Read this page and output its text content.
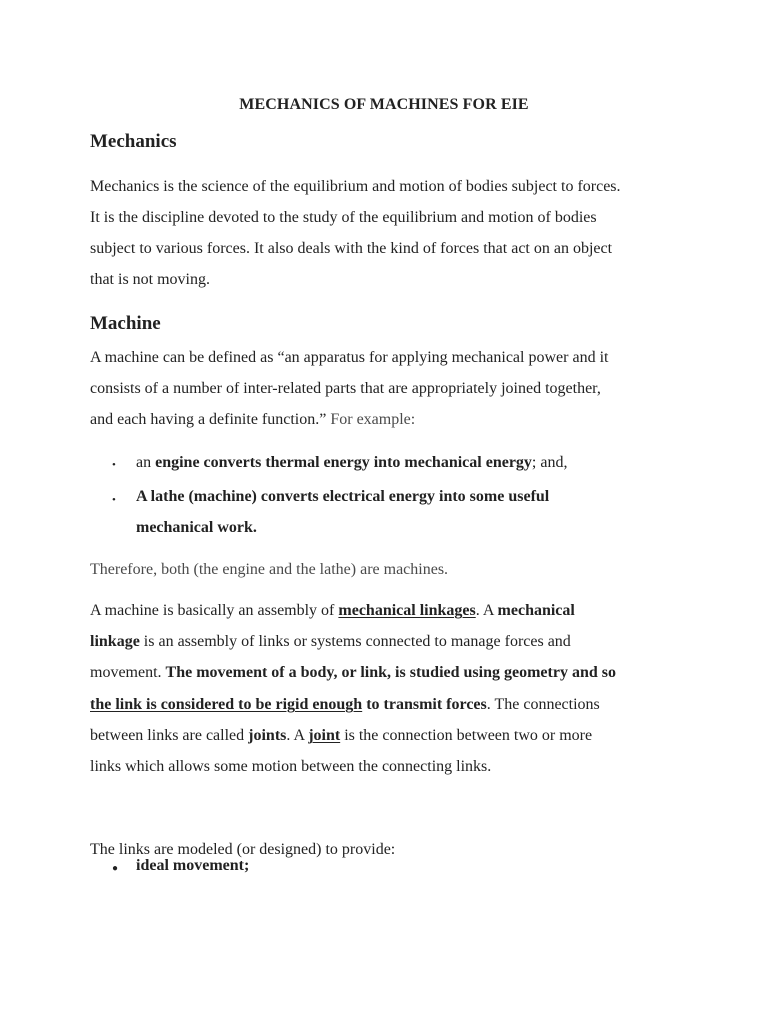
MECHANICS OF MACHINES FOR EIE
Mechanics
Mechanics is the science of the equilibrium and motion of bodies subject to forces.
It is the discipline devoted to the study of the equilibrium and motion of bodies
subject to various forces. It also deals with the kind of forces that act on an object
that is not moving.
Machine
A machine can be defined as “an apparatus for applying mechanical power and it
consists of a number of inter-related parts that are appropriately joined together,
and each having a definite function.” For example:
• an engine converts thermal energy into mechanical energy; and,
• A lathe (machine) converts electrical energy into some useful
mechanical work.
Therefore, both (the engine and the lathe) are machines.
A machine is basically an assembly of mechanical linkages. A mechanical
linkage is an assembly of links or systems connected to manage forces and
movement. The movement of a body, or link, is studied using geometry and so
the link is considered to be rigid enough to transmit forces. The connections
between links are called joints. A joint is the connection between two or more
links which allows some motion between the connecting links.
The links are modeled (or designed) to provide:
● ideal movement;
